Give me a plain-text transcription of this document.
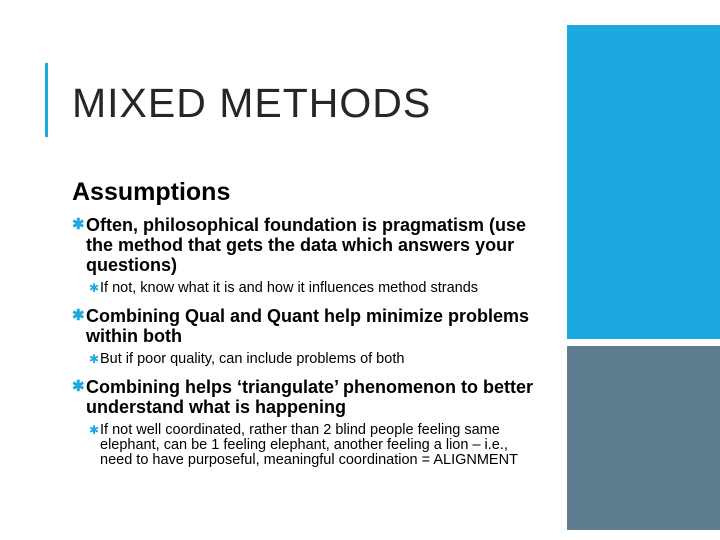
MIXED METHODS
Assumptions
✱ Often, philosophical foundation is pragmatism (use the method that gets the data which answers your questions)
✱ If not, know what it is and how it influences method strands
✱ Combining Qual and Quant help minimize problems within both
✱ But if poor quality, can include problems of both
✱ Combining helps ‘triangulate’ phenomenon to better understand what is happening
✱ If not well coordinated, rather than 2 blind people feeling same elephant, can be 1 feeling elephant, another feeling a lion – i.e., need to have purposeful, meaningful coordination = ALIGNMENT
